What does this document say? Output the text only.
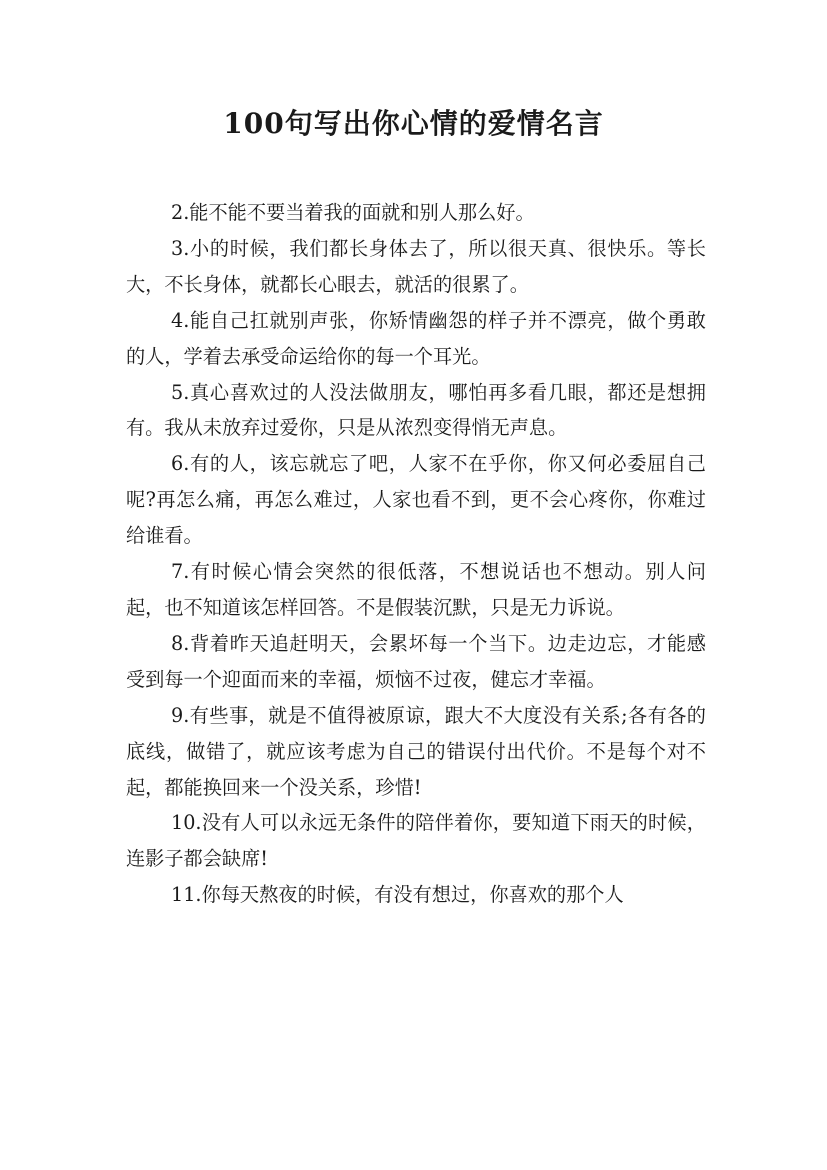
100句写出你心情的爱情名言

2.能不能不要当着我的面就和别人那么好。

3.小的时候，我们都长身体去了，所以很天真、很快乐。等长大，不长身体，就都长心眼去，就活的很累了。

4.能自己扛就别声张，你矫情幽怨的样子并不漂亮，做个勇敢的人，学着去承受命运给你的每一个耳光。

5.真心喜欢过的人没法做朋友，哪怕再多看几眼，都还是想拥有。我从未放弃过爱你，只是从浓烈变得悄无声息。

6.有的人，该忘就忘了吧，人家不在乎你，你又何必委屈自己呢?再怎么痛，再怎么难过，人家也看不到，更不会心疼你，你难过给谁看。

7.有时候心情会突然的很低落，不想说话也不想动。别人问起，也不知道该怎样回答。不是假装沉默，只是无力诉说。

8.背着昨天追赶明天，会累坏每一个当下。边走边忘，才能感受到每一个迎面而来的幸福，烦恼不过夜，健忘才幸福。

9.有些事，就是不值得被原谅，跟大不大度没有关系;各有各的底线，做错了，就应该考虑为自己的错误付出代价。不是每个对不起，都能换回来一个没关系，珍惜!

10.没有人可以永远无条件的陪伴着你，要知道下雨天的时候，连影子都会缺席!

11.你每天熬夜的时候，有没有想过，你喜欢的那个人
